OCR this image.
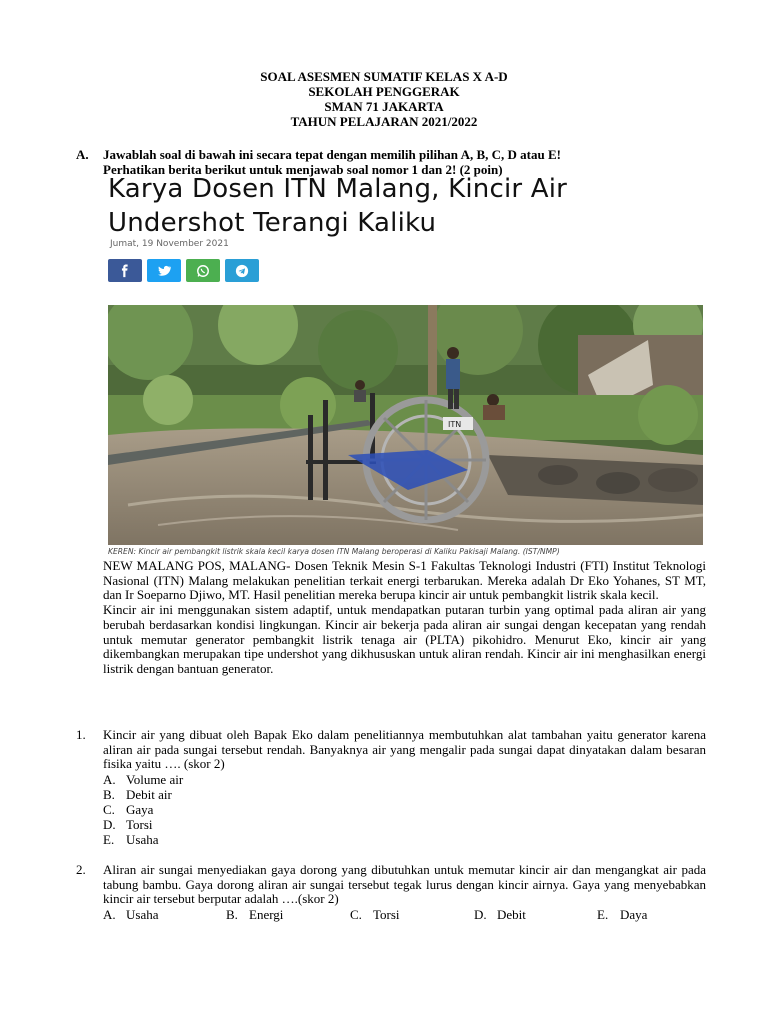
SOAL ASESMEN SUMATIF KELAS X A-D
SEKOLAH PENGGERAK
SMAN 71 JAKARTA
TAHUN PELAJARAN 2021/2022
A. Jawablah soal di bawah ini secara tepat dengan memilih pilihan A, B, C, D atau E!
Perhatikan berita berikut untuk menjawab soal nomor 1 dan 2! (2 poin)
Karya Dosen ITN Malang, Kincir Air
Undershot Terangi Kaliku
Jumat, 19 November 2021
ITN
KEREN: Kincir air pembangkit listrik skala kecil karya dosen ITN Malang beroperasi di Kaliku Pakisaji Malang. (IST/NMP)

NEW MALANG POS, MALANG- Dosen Teknik Mesin S-1 Fakultas Teknologi Industri (FTI) Institut Teknologi Nasional (ITN) Malang melakukan penelitian terkait energi terbarukan. Mereka adalah Dr Eko Yohanes, ST MT, dan Ir Soeparno Djiwo, MT. Hasil penelitian mereka berupa kincir air untuk pembangkit listrik skala kecil.

Kincir air ini menggunakan sistem adaptif, untuk mendapatkan putaran turbin yang optimal pada aliran air yang berubah berdasarkan kondisi lingkungan. Kincir air bekerja pada aliran air sungai dengan kecepatan yang rendah untuk memutar generator pembangkit listrik tenaga air (PLTA) pikohidro. Menurut Eko, kincir air yang dikembangkan merupakan tipe undershot yang dikhususkan untuk aliran rendah. Kincir air ini menghasilkan energi listrik dengan bantuan generator.

1. Kincir air yang dibuat oleh Bapak Eko dalam penelitiannya membutuhkan alat tambahan yaitu generator karena aliran air pada sungai tersebut rendah. Banyaknya air yang mengalir pada sungai dapat dinyatakan dalam besaran fisika yaitu …. (skor 2)
A. Volume air
B. Debit air
C. Gaya
D. Torsi
E. Usaha
2. Aliran air sungai menyediakan gaya dorong yang dibutuhkan untuk memutar kincir air dan mengangkat air pada tabung bambu. Gaya dorong aliran air sungai tersebut tegak lurus dengan kincir airnya. Gaya yang menyebabkan kincir air tersebut berputar adalah ….(skor 2)
A. Usaha	B. Energi	C. Torsi	D. Debit	E. Daya
